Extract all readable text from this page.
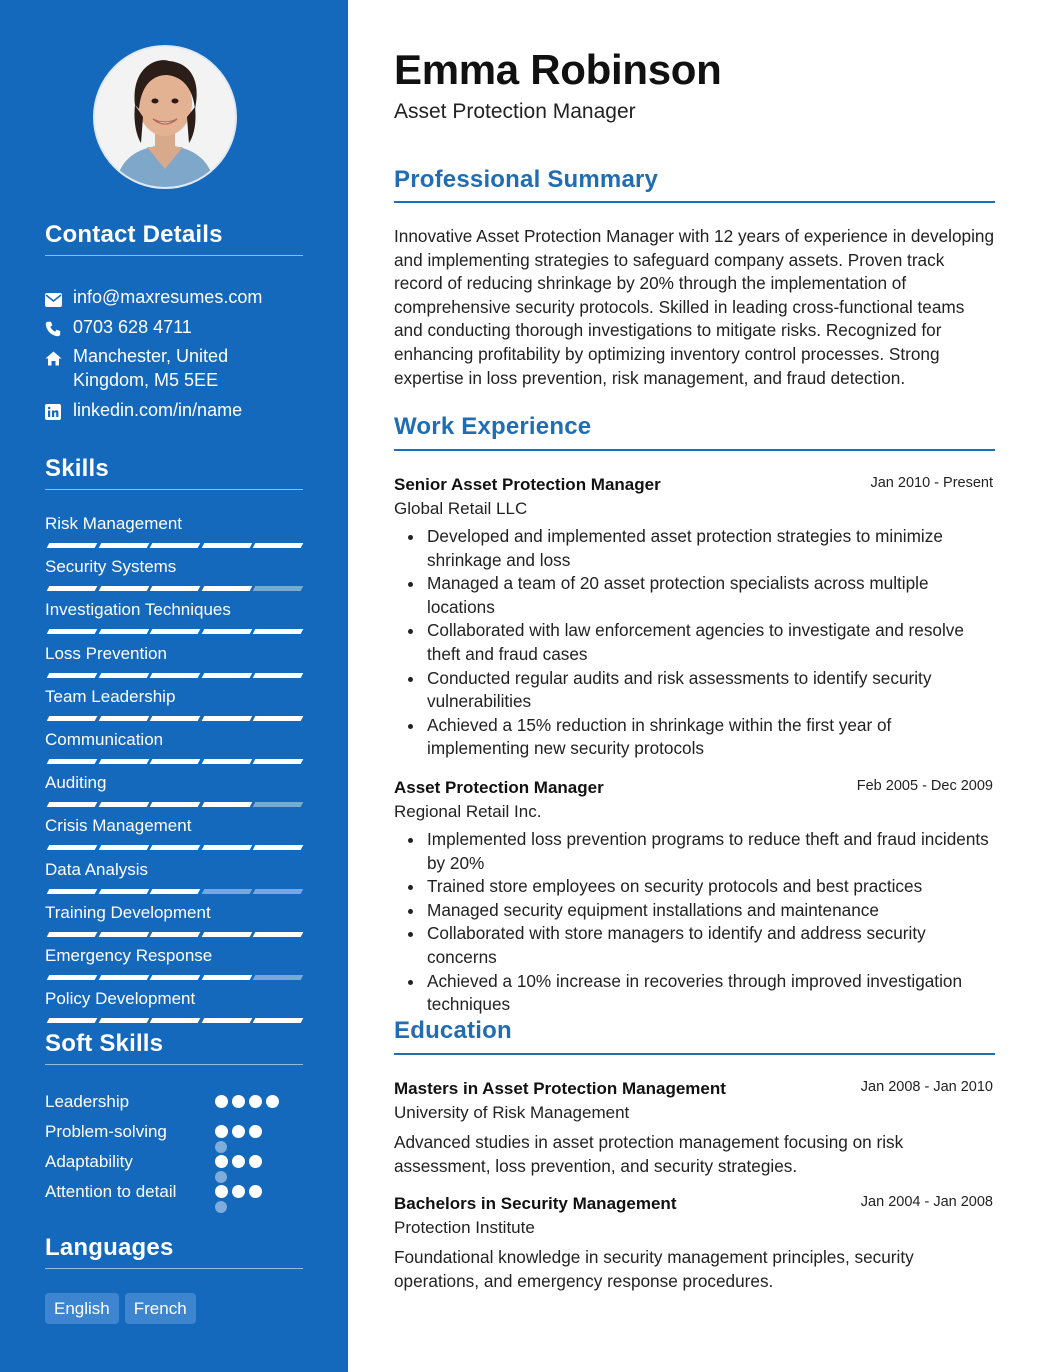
Contact Details
info@maxresumes.com
0703 628 4711
Manchester, United Kingdom, M5 5EE
linkedin.com/in/name
Skills
Risk Management
Security Systems
Investigation Techniques
Loss Prevention
Team Leadership
Communication
Auditing
Crisis Management
Data Analysis
Training Development
Emergency Response
Policy Development
Soft Skills
Leadership
Problem-solving
Adaptability
Attention to detail
Languages
English	French
Emma Robinson
Asset Protection Manager
Professional Summary

Innovative Asset Protection Manager with 12 years of experience in developing and implementing strategies to safeguard company assets. Proven track record of reducing shrinkage by 20% through the implementation of comprehensive security protocols. Skilled in leading cross-functional teams and conducting thorough investigations to mitigate risks. Recognized for enhancing profitability by optimizing inventory control processes. Strong expertise in loss prevention, risk management, and fraud detection.

Work Experience
Senior Asset Protection Manager	Jan 2010 - Present
Global Retail LLC
Developed and implemented asset protection strategies to minimize shrinkage and loss
Managed a team of 20 asset protection specialists across multiple locations
Collaborated with law enforcement agencies to investigate and resolve theft and fraud cases
Conducted regular audits and risk assessments to identify security vulnerabilities
Achieved a 15% reduction in shrinkage within the first year of implementing new security protocols
Asset Protection Manager	Feb 2005 - Dec 2009
Regional Retail Inc.
Implemented loss prevention programs to reduce theft and fraud incidents by 20%
Trained store employees on security protocols and best practices
Managed security equipment installations and maintenance
Collaborated with store managers to identify and address security concerns
Achieved a 10% increase in recoveries through improved investigation techniques
Education
Masters in Asset Protection Management	Jan 2008 - Jan 2010
University of Risk Management

Advanced studies in asset protection management focusing on risk assessment, loss prevention, and security strategies.

Bachelors in Security Management	Jan 2004 - Jan 2008
Protection Institute

Foundational knowledge in security management principles, security operations, and emergency response procedures.
